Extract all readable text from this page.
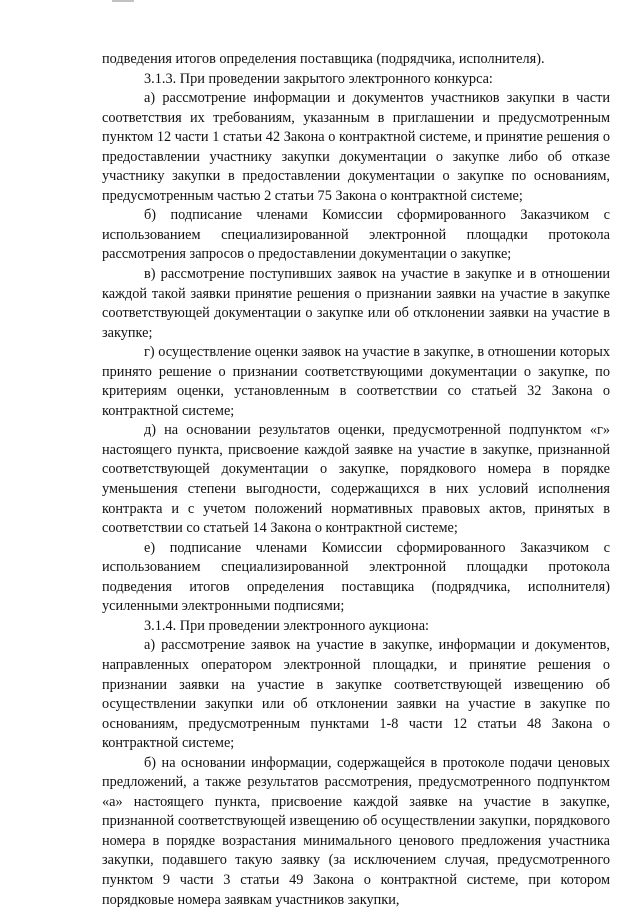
подведения итогов определения поставщика (подрядчика, исполнителя).

3.1.3. При проведении закрытого электронного конкурса:

а) рассмотрение информации и документов участников закупки в части соответствия их требованиям, указанным в приглашении и предусмотренным пунктом 12 части 1 статьи 42 Закона о контрактной системе, и принятие решения о предоставлении участнику закупки документации о закупке либо об отказе участнику закупки в предоставлении документации о закупке по основаниям, предусмотренным частью 2 статьи 75 Закона о контрактной системе;

б) подписание членами Комиссии сформированного Заказчиком с использованием специализированной электронной площадки протокола рассмотрения запросов о предоставлении документации о закупке;

в) рассмотрение поступивших заявок на участие в закупке и в отношении каждой такой заявки принятие решения о признании заявки на участие в закупке соответствующей документации о закупке или об отклонении заявки на участие в закупке;

г) осуществление оценки заявок на участие в закупке, в отношении которых принято решение о признании соответствующими документации о закупке, по критериям оценки, установленным в соответствии со статьей 32 Закона о контрактной системе;

д) на основании результатов оценки, предусмотренной подпунктом «г» настоящего пункта, присвоение каждой заявке на участие в закупке, признанной соответствующей документации о закупке, порядкового номера в порядке уменьшения степени выгодности, содержащихся в них условий исполнения контракта и с учетом положений нормативных правовых актов, принятых в соответствии со статьей 14 Закона о контрактной системе;

е) подписание членами Комиссии сформированного Заказчиком с использованием специализированной электронной площадки протокола подведения итогов определения поставщика (подрядчика, исполнителя) усиленными электронными подписями;

3.1.4. При проведении электронного аукциона:

а) рассмотрение заявок на участие в закупке, информации и документов, направленных оператором электронной площадки, и принятие решения о признании заявки на участие в закупке соответствующей извещению об осуществлении закупки или об отклонении заявки на участие в закупке по основаниям, предусмотренным пунктами 1-8 части 12 статьи 48 Закона о контрактной системе;

б) на основании информации, содержащейся в протоколе подачи ценовых предложений, а также результатов рассмотрения, предусмотренного подпунктом «а» настоящего пункта, присвоение каждой заявке на участие в закупке, признанной соответствующей извещению об осуществлении закупки, порядкового номера в порядке возрастания минимального ценового предложения участника закупки, подавшего такую заявку (за исключением случая, предусмотренного пунктом 9 части 3 статьи 49 Закона о контрактной системе, при котором порядковые номера заявкам участников закупки,
